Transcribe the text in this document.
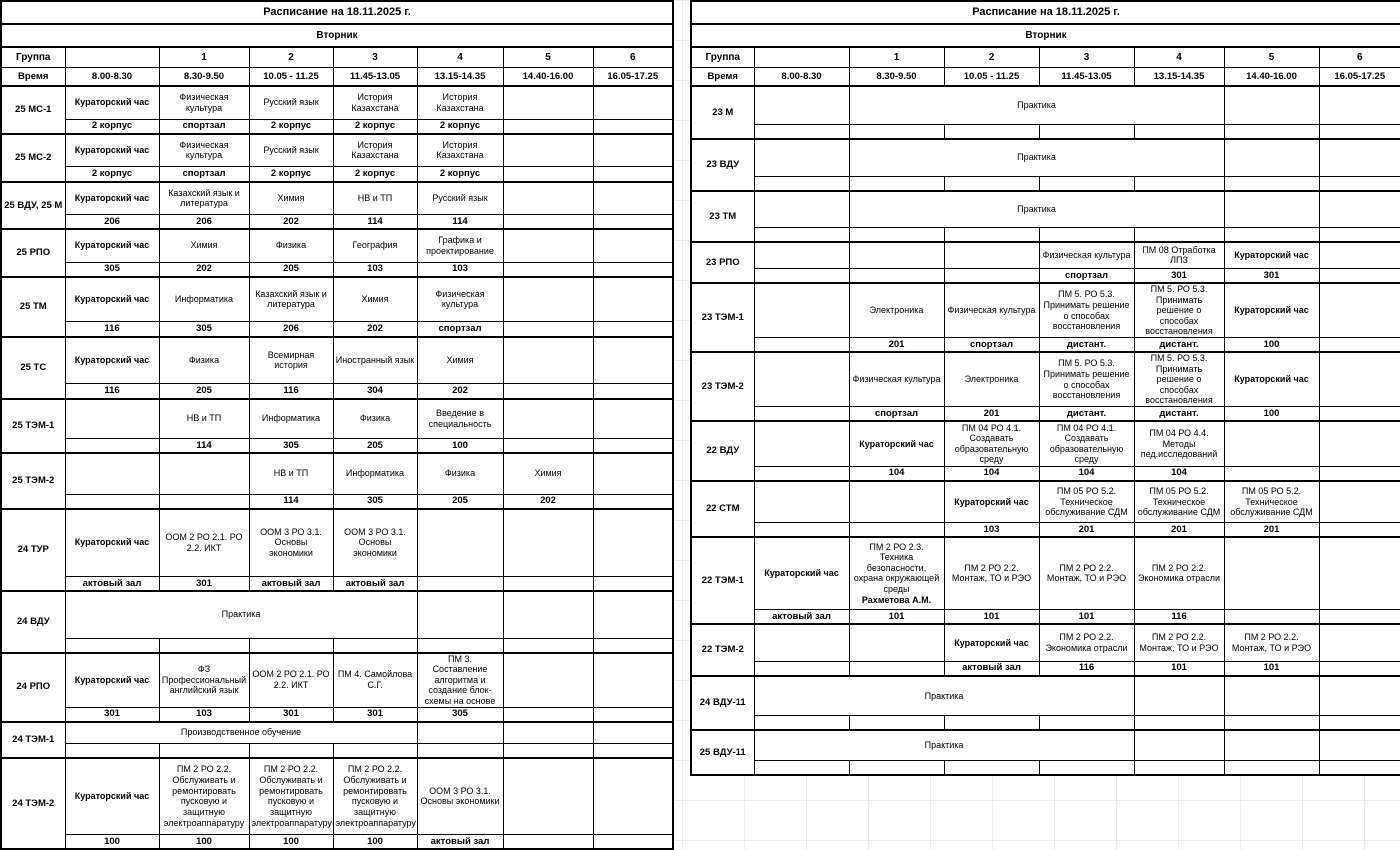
Расписание на 18.11.2025 г.							
Вторник							
Группа		1	2	3	4	5	6
Время	8.00-8.30	8.30-9.50	10.05 - 11.25	11.45-13.05	13.15-14.35	14.40-16.00	16.05-17.25
25 МС-1	Кураторский час	Физическая культура	Русский язык	История Казахстана	История Казахстана		

	2 корпус	спортзал	2 корпус	2 корпус	2 корпус		
25 МС-2	Кураторский час	Физическая культура	Русский язык	История Казахстана	История Казахстана		

	2 корпус	спортзал	2 корпус	2 корпус	2 корпус		
25 ВДУ, 25 М	Кураторский час	Казахский язык и литература	Химия	НВ и ТП	Русский язык		

	206	206	202	114	114		
25 РПО	Кураторский час	Химия	Физика	География	Графика и проектирование		

	305	202	205	103	103		
25 ТМ	Кураторский час	Информатика	Казахский язык и литература	Химия	Физическая культура		

	116	305	206	202	спортзал		
25 ТС	Кураторский час	Физика	Всемирная история	Иностранный язык	Химия		

	116	205	116	304	202		
25 ТЭМ-1		НВ и ТП	Информатика	Физика	Введение в специальность		

		114	305	205	100		
25 ТЭМ-2			НВ и ТП	Информатика	Физика	Химия	

			114	305	205	202	
24 ТУР	Кураторский час	ООМ 2 РО 2.1. РО 2.2. ИКТ	ООМ 3 РО 3.1. Основы экономики	ООМ 3 РО 3.1. Основы экономики			

	актовый зал	301	актовый зал	актовый зал			
24 ВДУ	Практика						

24 РПО	Кураторский час	ФЗ Профессиональный английский язык	ООМ 2 РО 2.1. РО 2.2. ИКТ	ПМ 4. Самойлова С.Г.	ПМ 3. Составление алгоритма и создание блок-схемы на основе		

	301	103	301	301	305		
24 ТЭМ-1	Производственное обучение						

24 ТЭМ-2	Кураторский час	ПМ 2 РО 2.2. Обслуживать и ремонтировать пусковую и защитную электроаппаратуру	ПМ 2 РО 2.2. Обслуживать и ремонтировать пусковую и защитную электроаппаратуру	ПМ 2 РО 2.2. Обслуживать и ремонтировать пусковую и защитную электроаппаратуру	ООМ 3 РО 3.1. Основы экономики		

	100	100	100	100	актовый зал		
Расписание на 18.11.2025 г.							
Вторник							
Группа		1	2	3	4	5	6
Время	8.00-8.30	8.30-9.50	10.05 - 11.25	11.45-13.05	13.15-14.35	14.40-16.00	16.05-17.25
23 М		Практика					

23 ВДУ		Практика					

23 ТМ		Практика					

23 РПО				Физическая культура	ПМ 08 Отработка ЛПЗ	Кураторский час	

				спортзал	301	301	
23 ТЭМ-1		Электроника	Физическая культура	ПМ 5. РО 5.3. Принимать решение о способах восстановления	ПМ 5. РО 5.3. Принимать решение о способах восстановления	Кураторский час	

		201	спортзал	дистант.	дистант.	100	
23 ТЭМ-2		Физическая культура	Электроника	ПМ 5. РО 5.3. Принимать решение о способах восстановления	ПМ 5. РО 5.3. Принимать решение о способах восстановления	Кураторский час	

		спортзал	201	дистант.	дистант.	100	
22 ВДУ		Кураторский час	ПМ 04 РО 4.1. Создавать образовательную среду	ПМ 04 РО 4.1. Создавать образовательную среду	ПМ 04 РО 4.4. Методы пед.исследований		

		104	104	104	104		
22 СТМ			Кураторский час	ПМ 05 РО 5.2. Техническое обслуживание СДМ	ПМ 05 РО 5.2. Техническое обслуживание СДМ	ПМ 05 РО 5.2. Техническое обслуживание СДМ	

			103	201	201	201	
22 ТЭМ-1	Кураторский час	ПМ 2 РО 2.3. Техника безопасности, охрана окружающей среды
Рахметова А.М.	ПМ 2 РО 2.2. Монтаж, ТО и РЭО	ПМ 2 РО 2.2. Монтаж, ТО и РЭО	ПМ 2 РО 2.2. Экономика отрасли		

	актовый зал	101	101	101	116		
22 ТЭМ-2			Кураторский час	ПМ 2 РО 2.2. Экономика отрасли	ПМ 2 РО 2.2. Монтаж, ТО и РЭО	ПМ 2 РО 2.2. Монтаж, ТО и РЭО	

			актовый зал	116	101	101	
24 ВДУ-11	Практика						

25 ВДУ-11	Практика						
